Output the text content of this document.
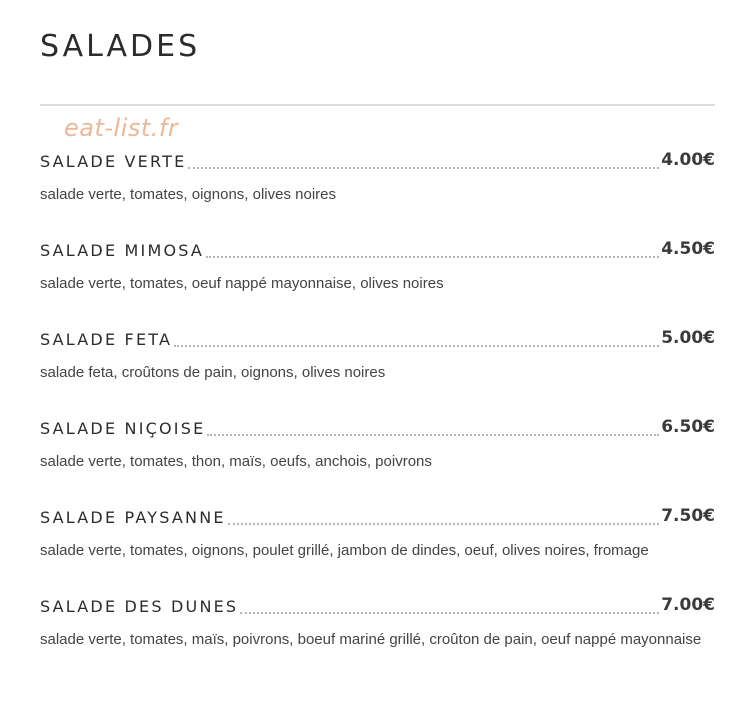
SALADES
eat-list.fr
SALADE VERTE	4.00€
salade verte, tomates, oignons, olives noires
SALADE MIMOSA	4.50€
salade verte, tomates, oeuf nappé mayonnaise, olives noires
SALADE FETA	5.00€
salade feta, croûtons de pain, oignons, olives noires
SALADE NIÇOISE	6.50€
salade verte, tomates, thon, maïs, oeufs, anchois, poivrons
SALADE PAYSANNE	7.50€
salade verte, tomates, oignons, poulet grillé, jambon de dindes, oeuf, olives noires, fromage
SALADE DES DUNES	7.00€
salade verte, tomates, maïs, poivrons, boeuf mariné grillé, croûton de pain, oeuf nappé mayonnaise
